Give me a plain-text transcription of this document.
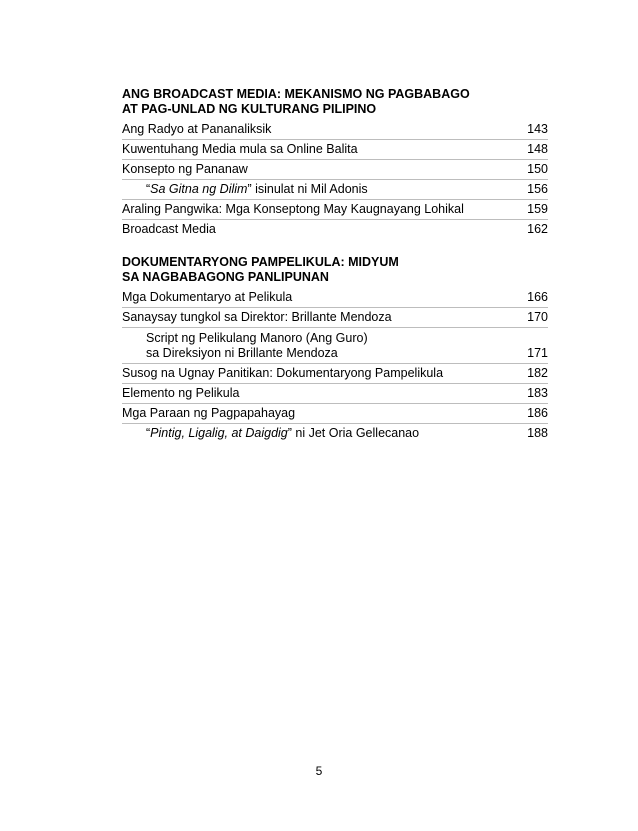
ANG BROADCAST MEDIA: MEKANISMO NG PAGBABAGO
AT PAG-UNLAD NG KULTURANG PILIPINO
Ang Radyo at Pananaliksik	143
Kuwentuhang Media mula sa Online Balita	148
Konsepto ng Pananaw	150
“Sa Gitna ng Dilim” isinulat ni Mil Adonis	156
Araling Pangwika: Mga Konseptong May Kaugnayang Lohikal	159
Broadcast Media	162
DOKUMENTARYONG PAMPELIKULA: MIDYUM
SA NAGBABAGONG PANLIPUNAN
Mga Dokumentaryo at Pelikula	166
Sanaysay tungkol sa Direktor: Brillante Mendoza	170
Script ng Pelikulang Manoro (Ang Guro)
sa Direksiyon ni Brillante Mendoza	171
Susog na Ugnay Panitikan: Dokumentaryong Pampelikula	182
Elemento ng Pelikula	183
Mga Paraan ng Pagpapahayag	186
“Pintig, Ligalig, at Daigdig” ni Jet Oria Gellecanao	188
5
